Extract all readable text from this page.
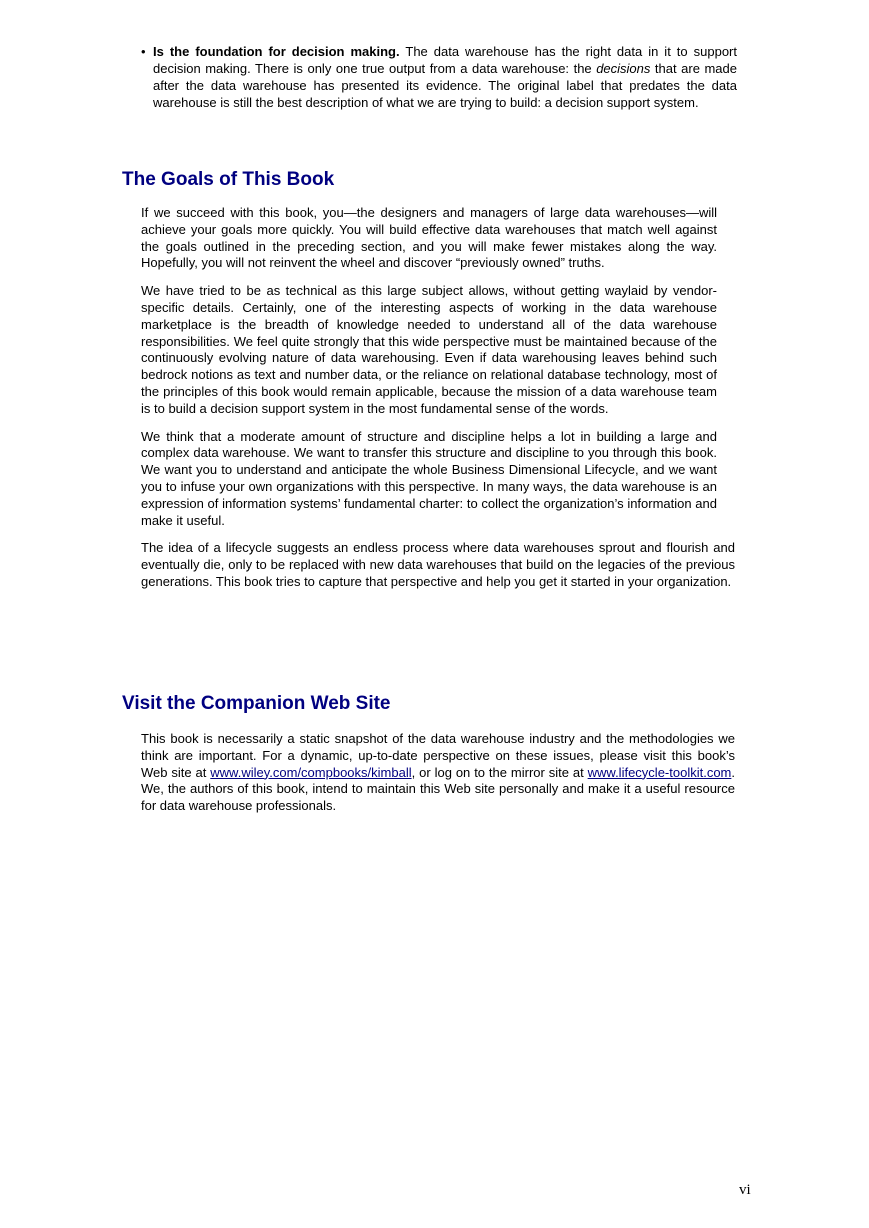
• Is the foundation for decision making. The data warehouse has the right data in it to support decision making. There is only one true output from a data warehouse: the decisions that are made after the data warehouse has presented its evidence. The original label that predates the data warehouse is still the best description of what we are trying to build: a decision support system.
The Goals of This Book

If we succeed with this book, you—the designers and managers of large data warehouses—will achieve your goals more quickly. You will build effective data warehouses that match well against the goals outlined in the preceding section, and you will make fewer mistakes along the way. Hopefully, you will not reinvent the wheel and discover “previously owned” truths.

We have tried to be as technical as this large subject allows, without getting waylaid by vendor-specific details. Certainly, one of the interesting aspects of working in the data warehouse marketplace is the breadth of knowledge needed to understand all of the data warehouse responsibilities. We feel quite strongly that this wide perspective must be maintained because of the continuously evolving nature of data warehousing. Even if data warehousing leaves behind such bedrock notions as text and number data, or the reliance on relational database technology, most of the principles of this book would remain applicable, because the mission of a data warehouse team is to build a decision support system in the most fundamental sense of the words.

We think that a moderate amount of structure and discipline helps a lot in building a large and complex data warehouse. We want to transfer this structure and discipline to you through this book. We want you to understand and anticipate the whole Business Dimensional Lifecycle, and we want you to infuse your own organizations with this perspective. In many ways, the data warehouse is an expression of information systems’ fundamental charter: to collect the organization’s information and make it useful.

The idea of a lifecycle suggests an endless process where data warehouses sprout and flourish and eventually die, only to be replaced with new data warehouses that build on the legacies of the previous generations. This book tries to capture that perspective and help you get it started in your organization.

Visit the Companion Web Site

This book is necessarily a static snapshot of the data warehouse industry and the methodologies we think are important. For a dynamic, up-to-date perspective on these issues, please visit this book’s Web site at www.wiley.com/compbooks/kimball, or log on to the mirror site at www.lifecycle-toolkit.com. We, the authors of this book, intend to maintain this Web site personally and make it a useful resource for data warehouse professionals.

vi
